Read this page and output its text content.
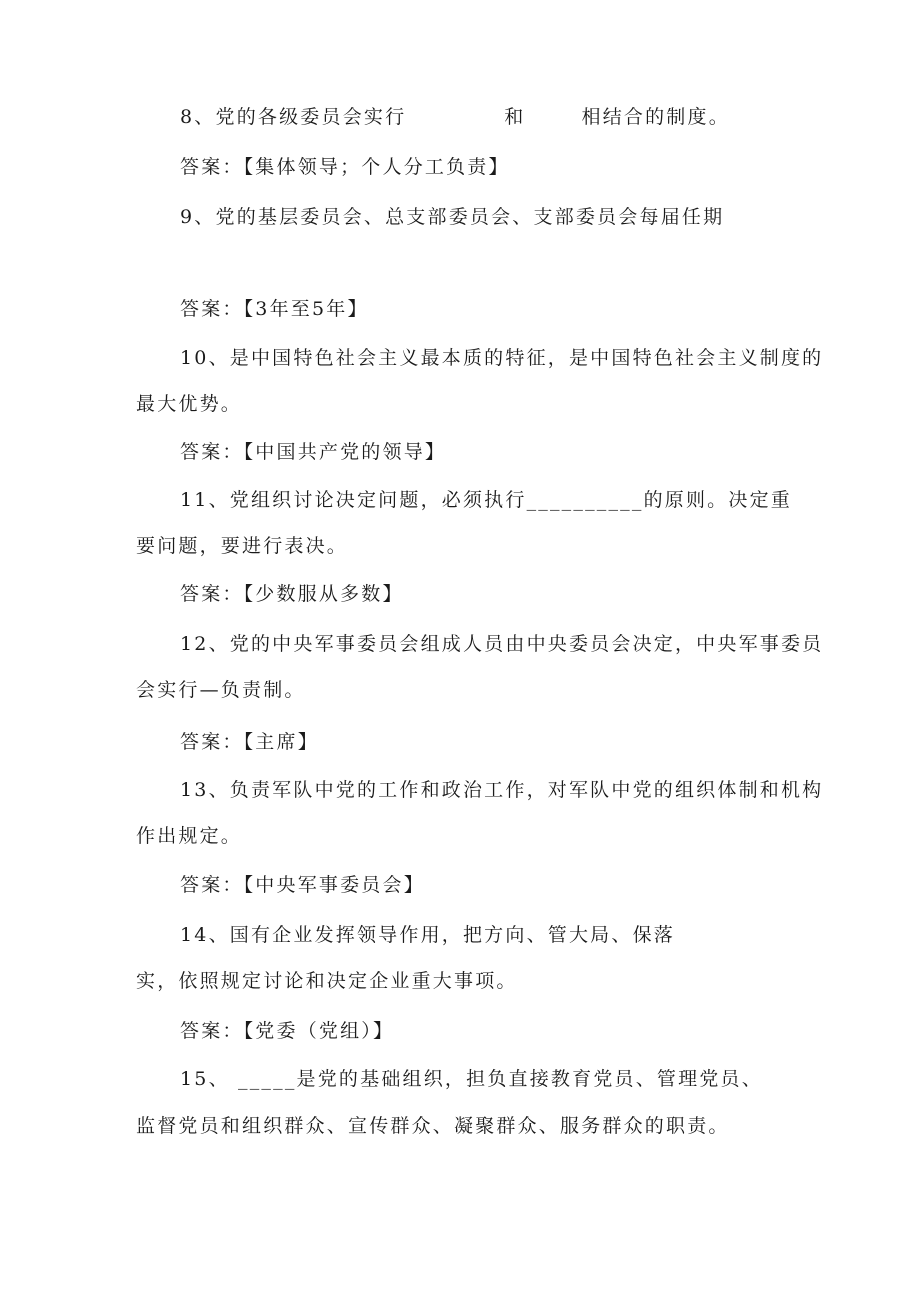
8、党的各级委员会实行	和	相结合的制度。
答案：【集体领导；个人分工负责】
9、党的基层委员会、总支部委员会、支部委员会每届任期
答案：【3年至5年】
10、是中国特色社会主义最本质的特征，是中国特色社会主义制度的
最大优势。
答案：【中国共产党的领导】
11、党组织讨论决定问题，必须执行__________的原则。决定重
要问题，要进行表决。
答案：【少数服从多数】
12、党的中央军事委员会组成人员由中央委员会决定，中央军事委员
会实行—负责制。
答案：【主席】
13、负责军队中党的工作和政治工作，对军队中党的组织体制和机构
作出规定。
答案：【中央军事委员会】
14、国有企业发挥领导作用，把方向、管大局、保落
实，依照规定讨论和决定企业重大事项。
答案：【党委（党组）】
15、 _____是党的基础组织，担负直接教育党员、管理党员、
监督党员和组织群众、宣传群众、凝聚群众、服务群众的职责。
